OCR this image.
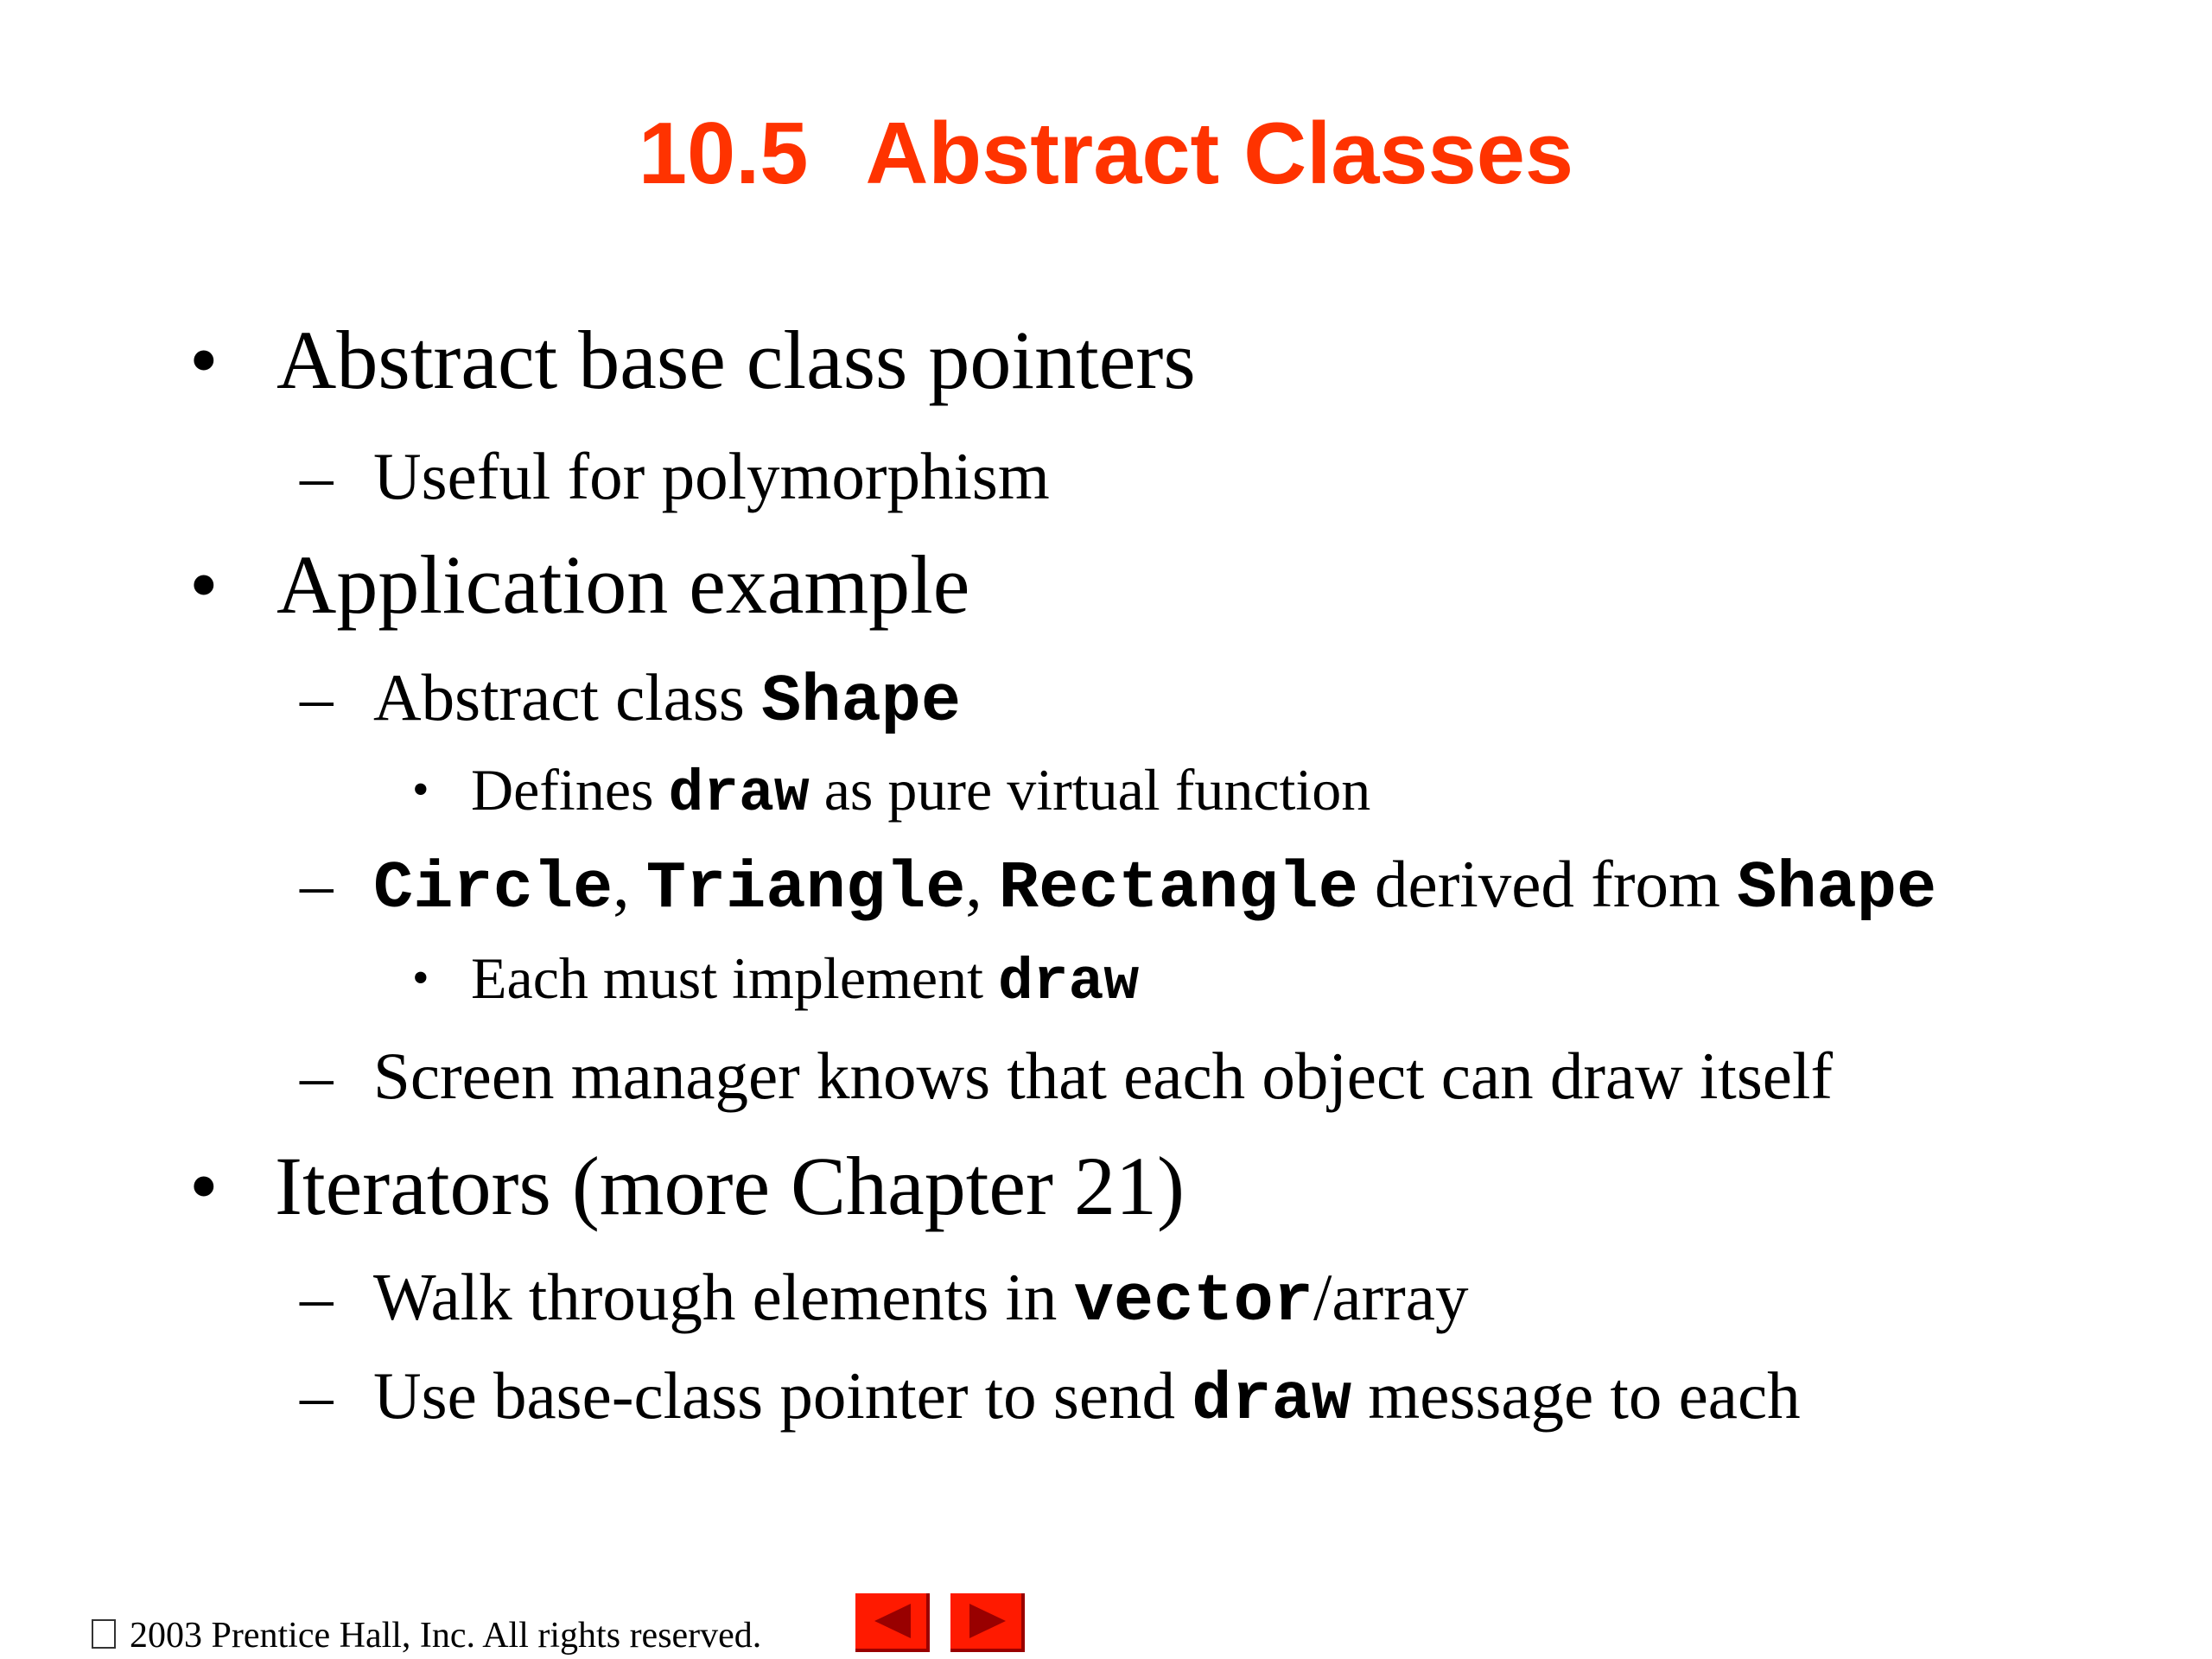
10.5 Abstract Classes
• Abstract base class pointers
– Useful for polymorphism
• Application example
– Abstract class Shape
• Defines draw as pure virtual function
– Circle, Triangle, Rectangle derived from Shape
• Each must implement draw
– Screen manager knows that each object can draw itself
• Iterators (more Chapter 21)
– Walk through elements in vector/array
– Use base-class pointer to send draw message to each
2003 Prentice Hall, Inc. All rights reserved.
